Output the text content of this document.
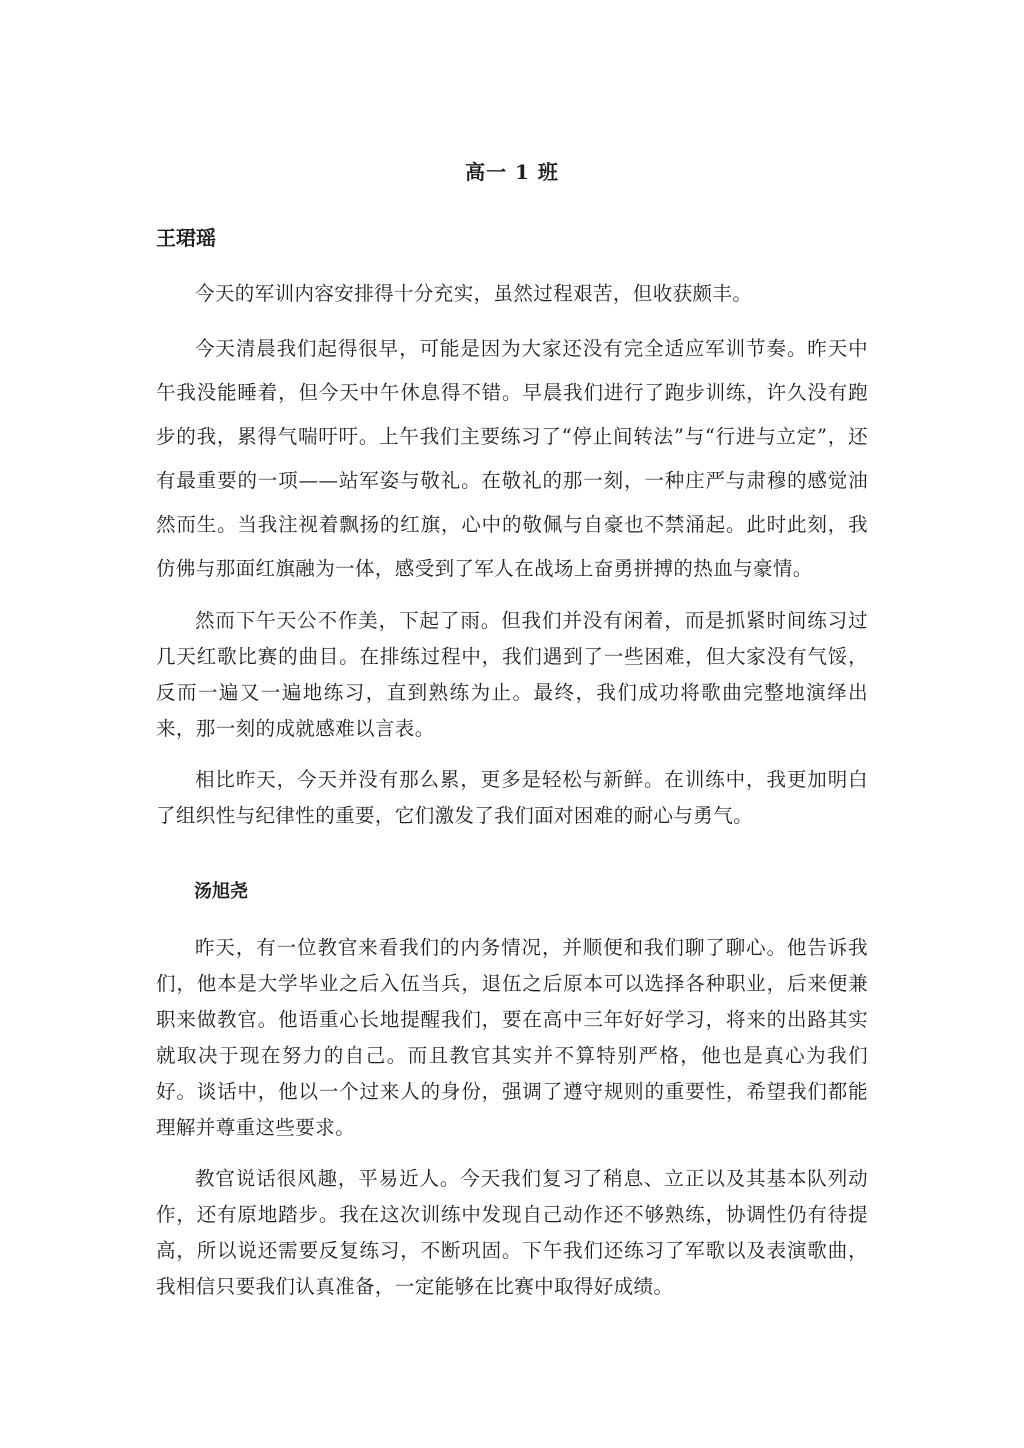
高一 1 班
王珺瑶

今天的军训内容安排得十分充实，虽然过程艰苦，但收获颇丰。

今天清晨我们起得很早，可能是因为大家还没有完全适应军训节奏。昨天中午我没能睡着，但今天中午休息得不错。早晨我们进行了跑步训练，许久没有跑步的我，累得气喘吁吁。上午我们主要练习了“停止间转法”与“行进与立定”，还有最重要的一项——站军姿与敬礼。在敬礼的那一刻，一种庄严与肃穆的感觉油然而生。当我注视着飘扬的红旗，心中的敬佩与自豪也不禁涌起。此时此刻，我仿佛与那面红旗融为一体，感受到了军人在战场上奋勇拼搏的热血与豪情。

然而下午天公不作美，下起了雨。但我们并没有闲着，而是抓紧时间练习过几天红歌比赛的曲目。在排练过程中，我们遇到了一些困难，但大家没有气馁，反而一遍又一遍地练习，直到熟练为止。最终，我们成功将歌曲完整地演绎出来，那一刻的成就感难以言表。

相比昨天，今天并没有那么累，更多是轻松与新鲜。在训练中，我更加明白了组织性与纪律性的重要，它们激发了我们面对困难的耐心与勇气。

汤旭尧

昨天，有一位教官来看我们的内务情况，并顺便和我们聊了聊心。他告诉我们，他本是大学毕业之后入伍当兵，退伍之后原本可以选择各种职业，后来便兼职来做教官。他语重心长地提醒我们，要在高中三年好好学习，将来的出路其实就取决于现在努力的自己。而且教官其实并不算特别严格，他也是真心为我们好。谈话中，他以一个过来人的身份，强调了遵守规则的重要性，希望我们都能理解并尊重这些要求。

教官说话很风趣，平易近人。今天我们复习了稍息、立正以及其基本队列动作，还有原地踏步。我在这次训练中发现自己动作还不够熟练，协调性仍有待提高，所以说还需要反复练习，不断巩固。下午我们还练习了军歌以及表演歌曲，我相信只要我们认真准备，一定能够在比赛中取得好成绩。
